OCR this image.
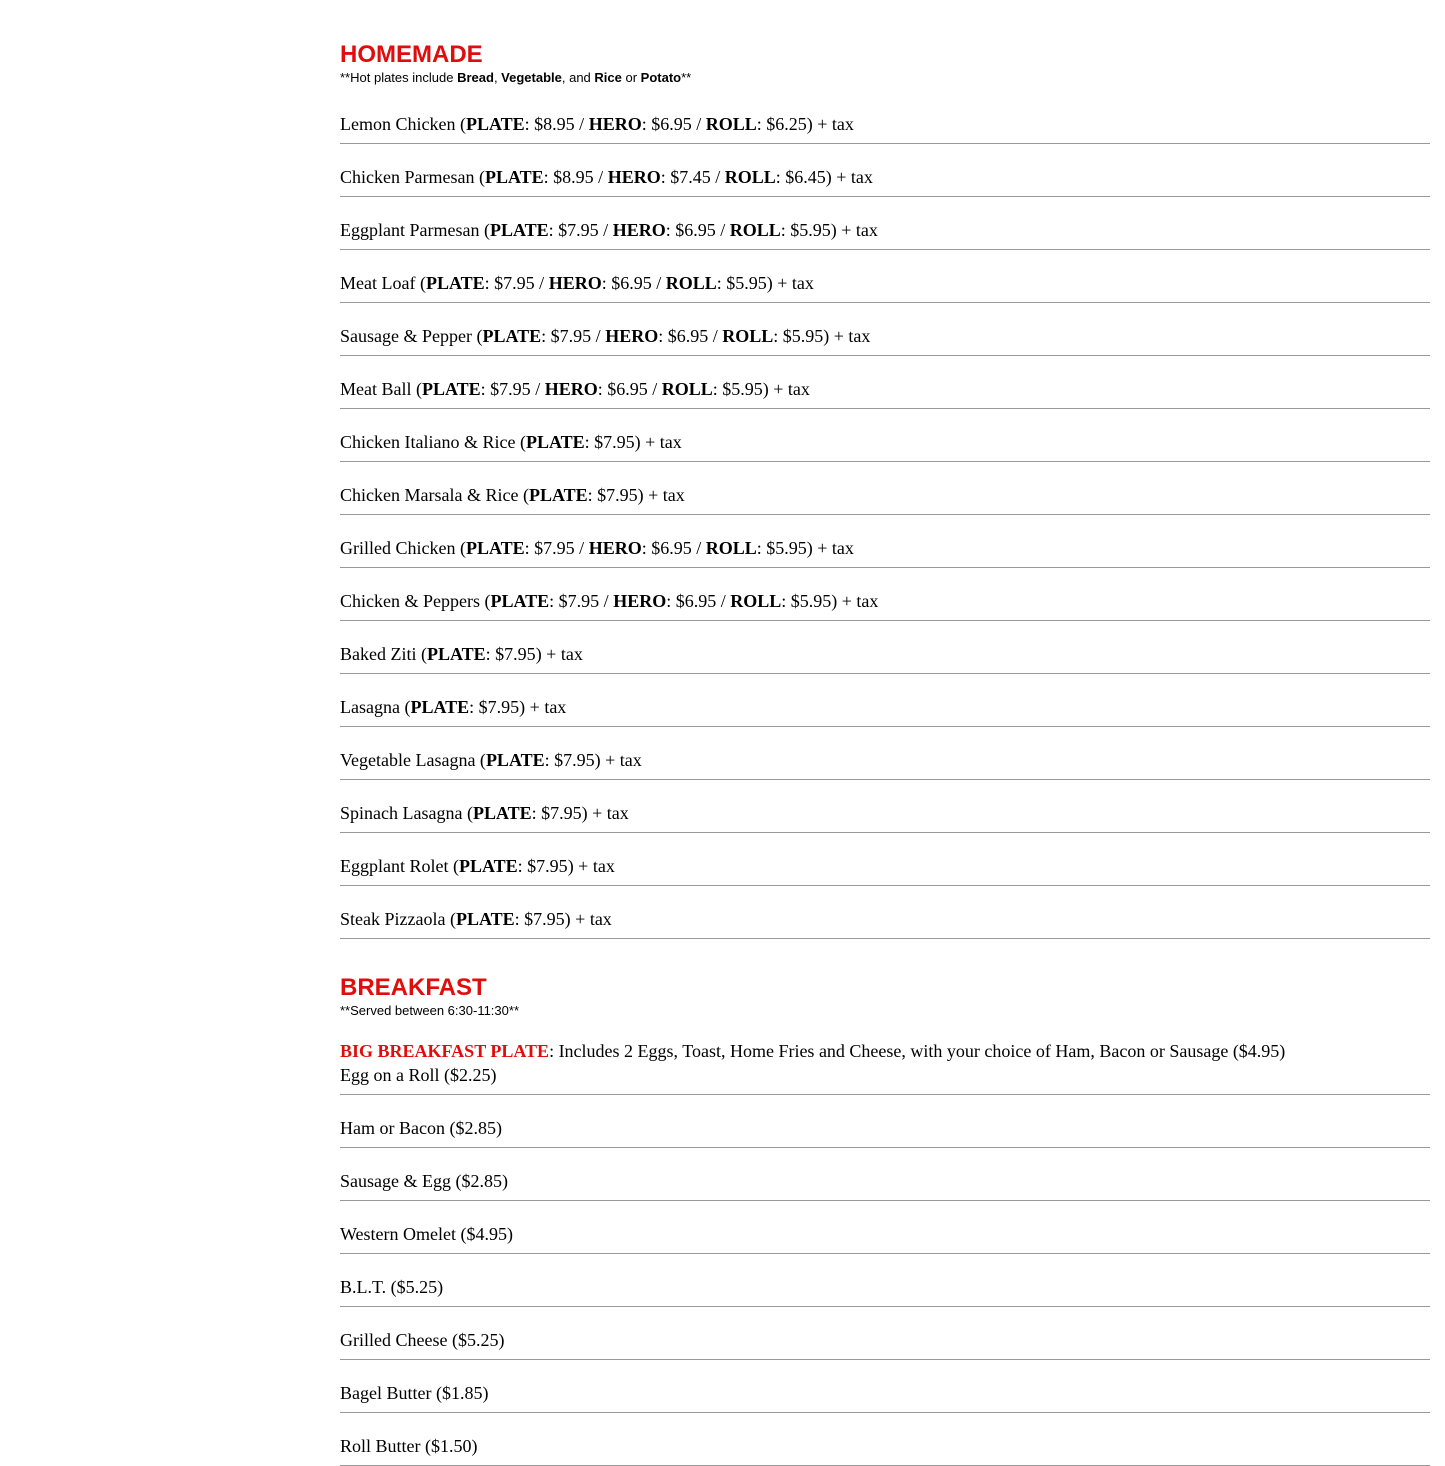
HOMEMADE

**Hot plates include Bread, Vegetable, and Rice or Potato**

Lemon Chicken (PLATE: $8.95 / HERO: $6.95 / ROLL: $6.25) + tax
Chicken Parmesan (PLATE: $8.95 / HERO: $7.45 / ROLL: $6.45) + tax
Eggplant Parmesan (PLATE: $7.95 / HERO: $6.95 / ROLL: $5.95) + tax
Meat Loaf (PLATE: $7.95 / HERO: $6.95 / ROLL: $5.95) + tax
Sausage & Pepper (PLATE: $7.95 / HERO: $6.95 / ROLL: $5.95) + tax
Meat Ball (PLATE: $7.95 / HERO: $6.95 / ROLL: $5.95) + tax
Chicken Italiano & Rice (PLATE: $7.95) + tax
Chicken Marsala & Rice (PLATE: $7.95) + tax
Grilled Chicken (PLATE: $7.95 / HERO: $6.95 / ROLL: $5.95) + tax
Chicken & Peppers (PLATE: $7.95 / HERO: $6.95 / ROLL: $5.95) + tax
Baked Ziti (PLATE: $7.95) + tax
Lasagna (PLATE: $7.95) + tax
Vegetable Lasagna (PLATE: $7.95) + tax
Spinach Lasagna (PLATE: $7.95) + tax
Eggplant Rolet (PLATE: $7.95) + tax
Steak Pizzaola (PLATE: $7.95) + tax
BREAKFAST

**Served between 6:30-11:30**

BIG BREAKFAST PLATE: Includes 2 Eggs, Toast, Home Fries and Cheese, with your choice of Ham, Bacon or Sausage ($4.95)
Egg on a Roll ($2.25)
Ham or Bacon ($2.85)
Sausage & Egg ($2.85)
Western Omelet ($4.95)
B.L.T. ($5.25)
Grilled Cheese ($5.25)
Bagel Butter ($1.85)
Roll Butter ($1.50)
